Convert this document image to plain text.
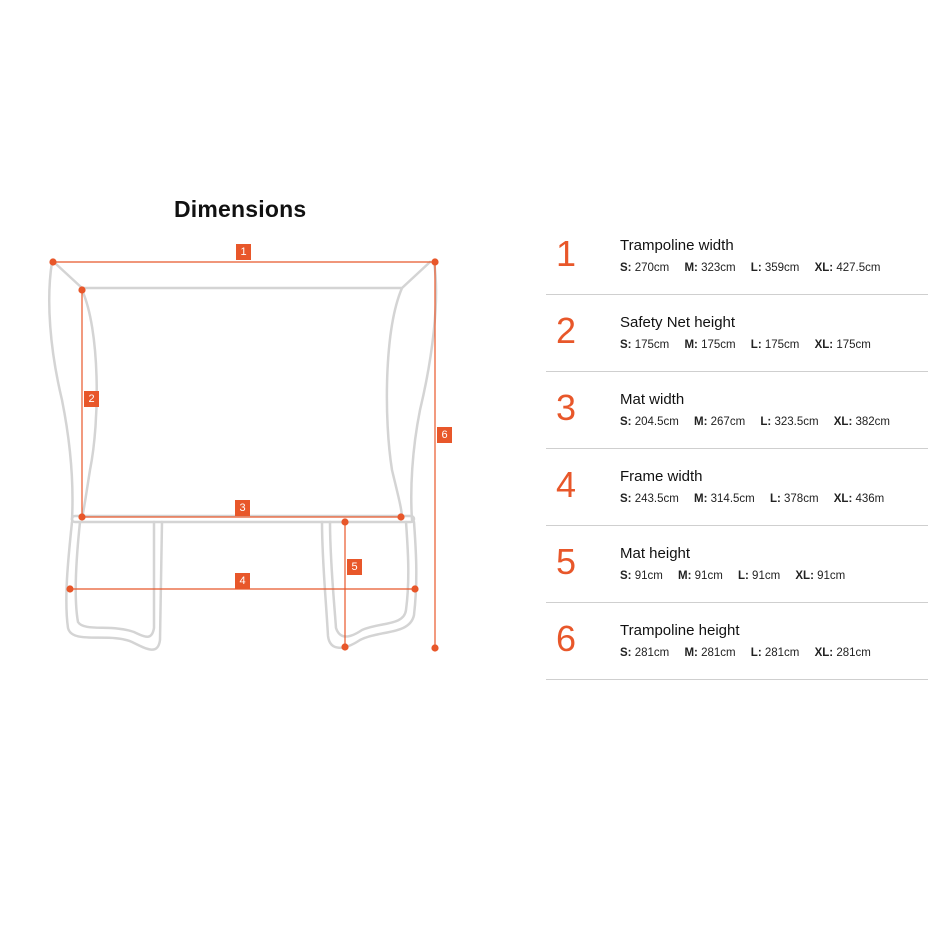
Dimensions
1
2
3
4
5
6
1	Trampoline width
S: 270cm M: 323cm L: 359cm XL: 427.5cm
2	Safety Net height
S: 175cm M: 175cm L: 175cm XL: 175cm
3	Mat width
S: 204.5cm M: 267cm L: 323.5cm XL: 382cm
4	Frame width
S: 243.5cm M: 314.5cm L: 378cm XL: 436m
5	Mat height
S: 91cm M: 91cm L: 91cm XL: 91cm
6	Trampoline height
S: 281cm M: 281cm L: 281cm XL: 281cm
